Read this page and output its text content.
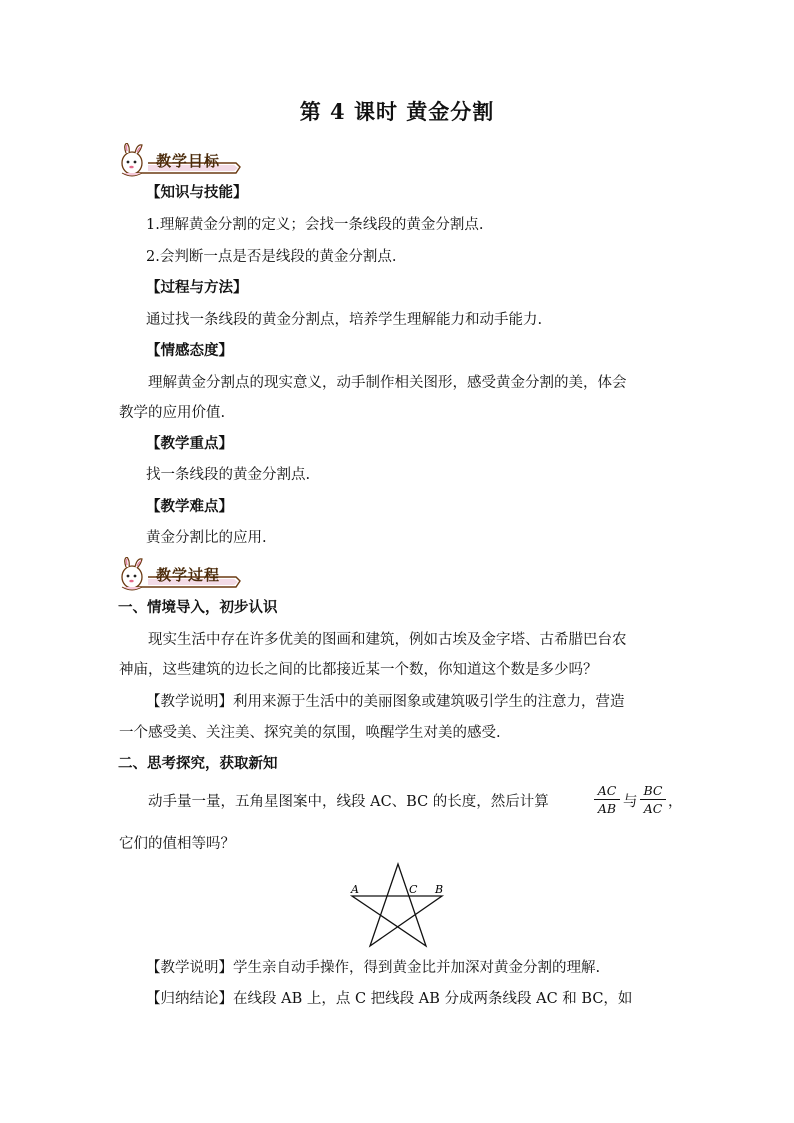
第 4 课时 黄金分割
教学目标
【知识与技能】
1.理解黄金分割的定义；会找一条线段的黄金分割点.
2.会判断一点是否是线段的黄金分割点.
【过程与方法】
通过找一条线段的黄金分割点，培养学生理解能力和动手能力.
【情感态度】
理解黄金分割点的现实意义，动手制作相关图形，感受黄金分割的美，体会
教学的应用价值.
【教学重点】
找一条线段的黄金分割点.
【教学难点】
黄金分割比的应用.
教学过程
一、情境导入，初步认识
现实生活中存在许多优美的图画和建筑，例如古埃及金字塔、古希腊巴台农
神庙，这些建筑的边长之间的比都接近某一个数，你知道这个数是多少吗？
【教学说明】利用来源于生活中的美丽图象或建筑吸引学生的注意力，营造
一个感受美、关注美、探究美的氛围，唤醒学生对美的感受.
二、思考探究，获取新知
动手量一量，五角星图案中，线段 AC、BC 的长度，然后计算
AC
AB 与
BC
AC ，
它们的值相等吗？
A	C B
【教学说明】学生亲自动手操作，得到黄金比并加深对黄金分割的理解.
【归纳结论】在线段 AB 上，点 C 把线段 AB 分成两条线段 AC 和 BC，如
